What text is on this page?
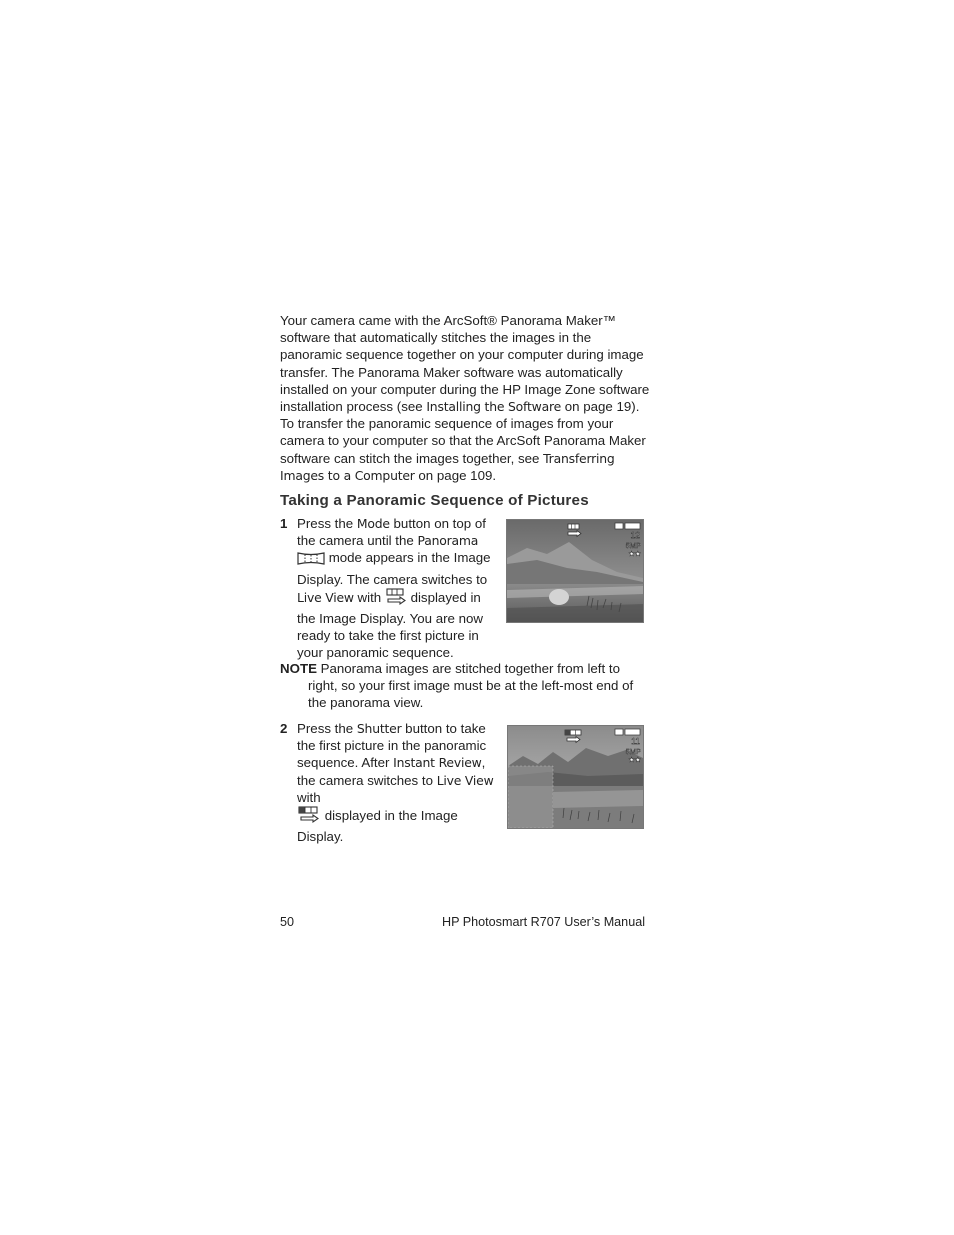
Your camera came with the ArcSoft® Panorama Maker™ software that automatically stitches the images in the panoramic sequence together on your computer during image transfer. The Panorama Maker software was automatically installed on your computer during the HP Image Zone software installation process (see Installing the Software on page 19). To transfer the panoramic sequence of images from your camera to your computer so that the ArcSoft Panorama Maker software can stitch the images together, see Transferring Images to a Computer on page 109.

Taking a Panoramic Sequence of Pictures
1 Press the Mode button on top of the camera until the Panorama
mode appears in the Image Display. The camera switches to Live View with  displayed in the Image Display. You are now ready to take the first picture in your panoramic sequence.

12
5MP
★★

NOTE Panorama images are stitched together from left to right, so your first image must be at the left-most end of the panorama view.

2 Press the Shutter button to take the first picture in the panoramic sequence. After Instant Review, the camera switches to Live View with
displayed in the Image Display.

11
5MP
★★
50	HP Photosmart R707 User’s Manual
